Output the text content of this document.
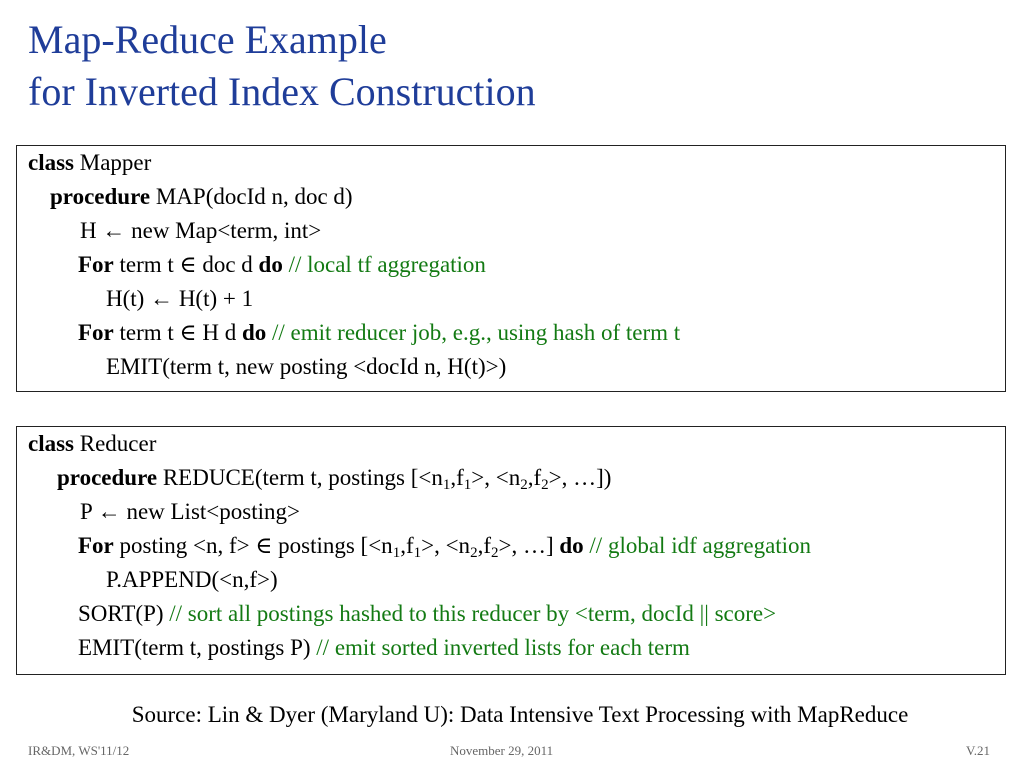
Map-Reduce Example
for Inverted Index Construction
class Mapper
procedure MAP(docId n, doc d)
H ← new Map<term, int>
For term t ∈ doc d do // local tf aggregation
H(t) ← H(t) + 1
For term t ∈ H d do // emit reducer job, e.g., using hash of term t
EMIT(term t, new posting <docId n, H(t)>)
class Reducer
procedure REDUCE(term t, postings [$<n_1,f_1>$, $<n_2,f_2>$, …])
P ← new List<posting>
For posting <n, f> ∈ postings [$<n_1,f_1>$, $<n_2,f_2>$, …] do // global idf aggregation
P.APPEND(<n,f>)
SORT(P) // sort all postings hashed to this reducer by <term, docId || score>
EMIT(term t, postings P) // emit sorted inverted lists for each term
Source: Lin & Dyer (Maryland U): Data Intensive Text Processing with MapReduce
IR&DM, WS'11/12	November 29, 2011	V.21
